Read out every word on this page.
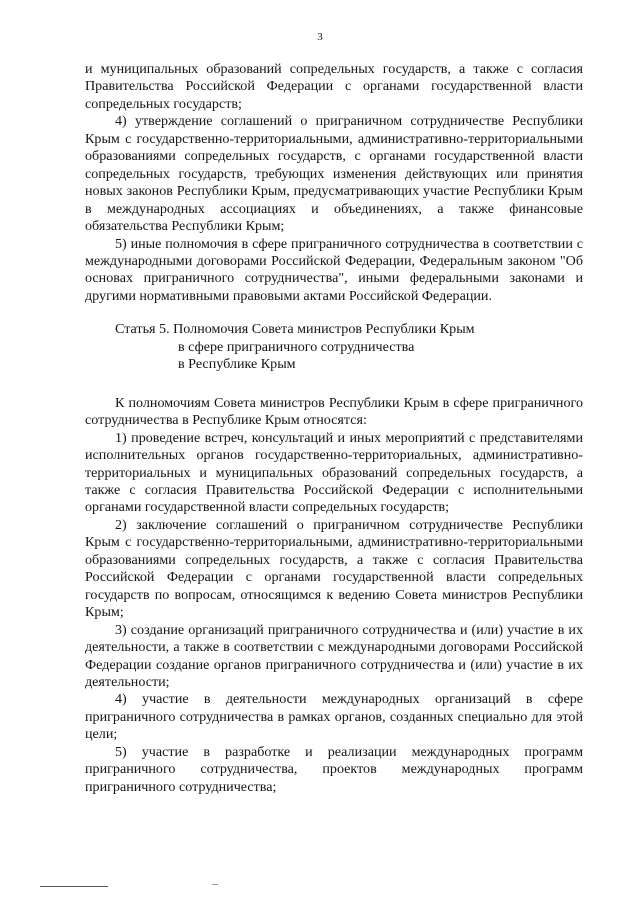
3

и муниципальных образований сопредельных государств, а также с согласия Правительства Российской Федерации с органами государственной власти сопредельных государств;

4) утверждение соглашений о приграничном сотрудничестве Республики Крым с государственно-территориальными, административно-территориальными образованиями сопредельных государств, с органами государственной власти сопредельных государств, требующих изменения действующих или принятия новых законов Республики Крым, предусматривающих участие Республики Крым в международных ассоциациях и объединениях, а также финансовые обязательства Республики Крым;

5) иные полномочия в сфере приграничного сотрудничества в соответствии с международными договорами Российской Федерации, Федеральным законом "Об основах приграничного сотрудничества", иными федеральными законами и другими нормативными правовыми актами Российской Федерации.

Статья 5. Полномочия Совета министров Республики Крым
в сфере приграничного сотрудничества
в Республике Крым

К полномочиям Совета министров Республики Крым в сфере приграничного сотрудничества в Республике Крым относятся:

1) проведение встреч, консультаций и иных мероприятий с представителями исполнительных органов государственно-территориальных, административно-территориальных и муниципальных образований сопредельных государств, а также с согласия Правительства Российской Федерации с исполнительными органами государственной власти сопредельных государств;

2) заключение соглашений о приграничном сотрудничестве Республики Крым с государственно-территориальными, административно-территориальными образованиями сопредельных государств, а также с согласия Правительства Российской Федерации с органами государственной власти сопредельных государств по вопросам, относящимся к ведению Совета министров Республики Крым;

3) создание организаций приграничного сотрудничества и (или) участие в их деятельности, а также в соответствии с международными договорами Российской Федерации создание органов приграничного сотрудничества и (или) участие в их деятельности;

4) участие в деятельности международных организаций в сфере приграничного сотрудничества в рамках органов, созданных специально для этой цели;

5) участие в разработке и реализации международных программ приграничного сотрудничества, проектов международных программ приграничного сотрудничества;
